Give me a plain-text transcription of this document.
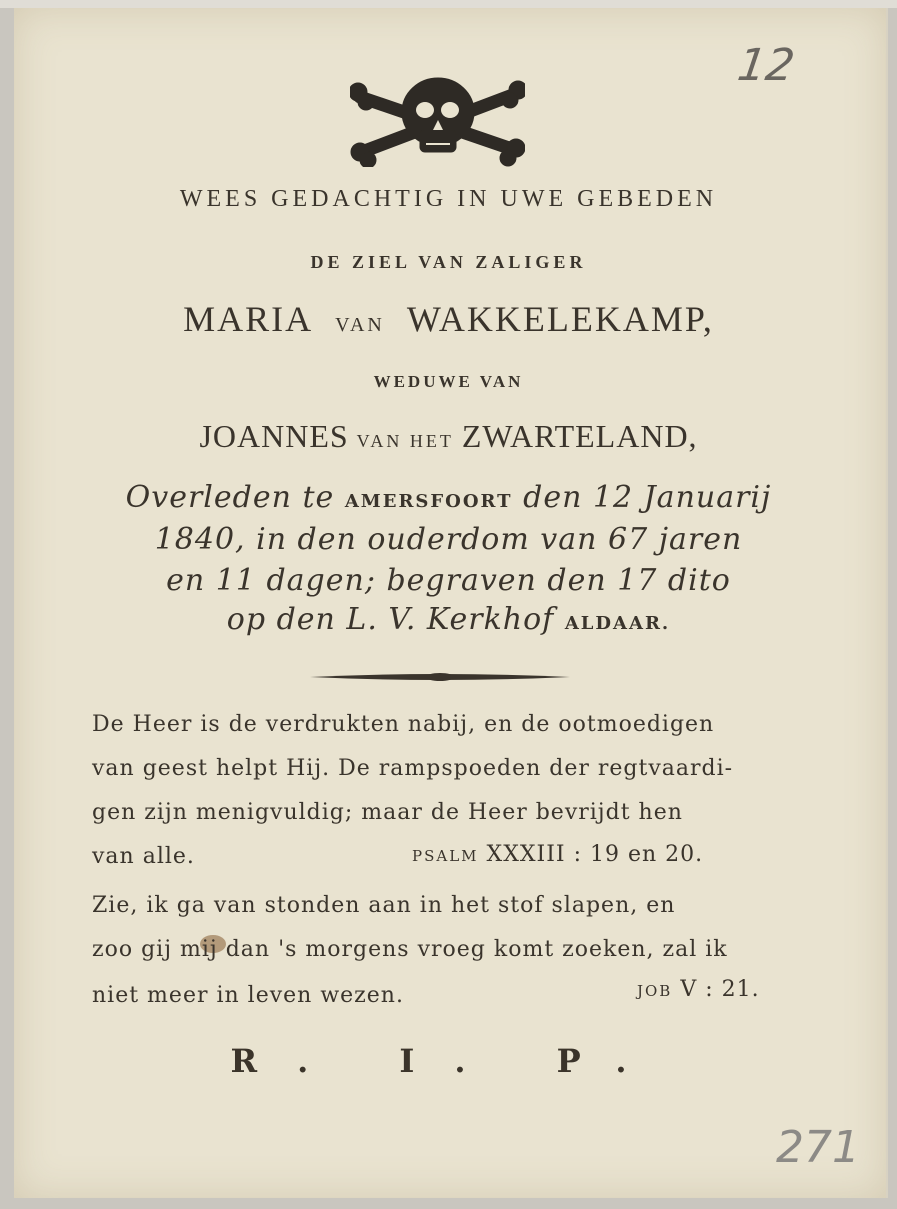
12
WEES GEDACHTIG IN UWE GEBEDEN
DE ZIEL VAN ZALIGER
MARIA VAN WAKKELEKAMP,
WEDUWE VAN
JOANNES VAN HET ZWARTELAND,
Overleden te AMERSFOORT den 12 Januarij
1840, in den ouderdom van 67 jaren
en 11 dagen; begraven den 17 dito
op den L. V. Kerkhof ALDAAR.
De Heer is de verdrukten nabij, en de ootmoedigen
van geest helpt Hij. De rampspoeden der regtvaardi-
gen zijn menigvuldig; maar de Heer bevrijdt hen
van alle.	PSALM XXXIII : 19 en 20.
Zie, ik ga van stonden aan in het stof slapen, en
zoo gij mij dan 's morgens vroeg komt zoeken, zal ik
niet meer in leven wezen.	JOB V : 21.
R. I. P.
271
